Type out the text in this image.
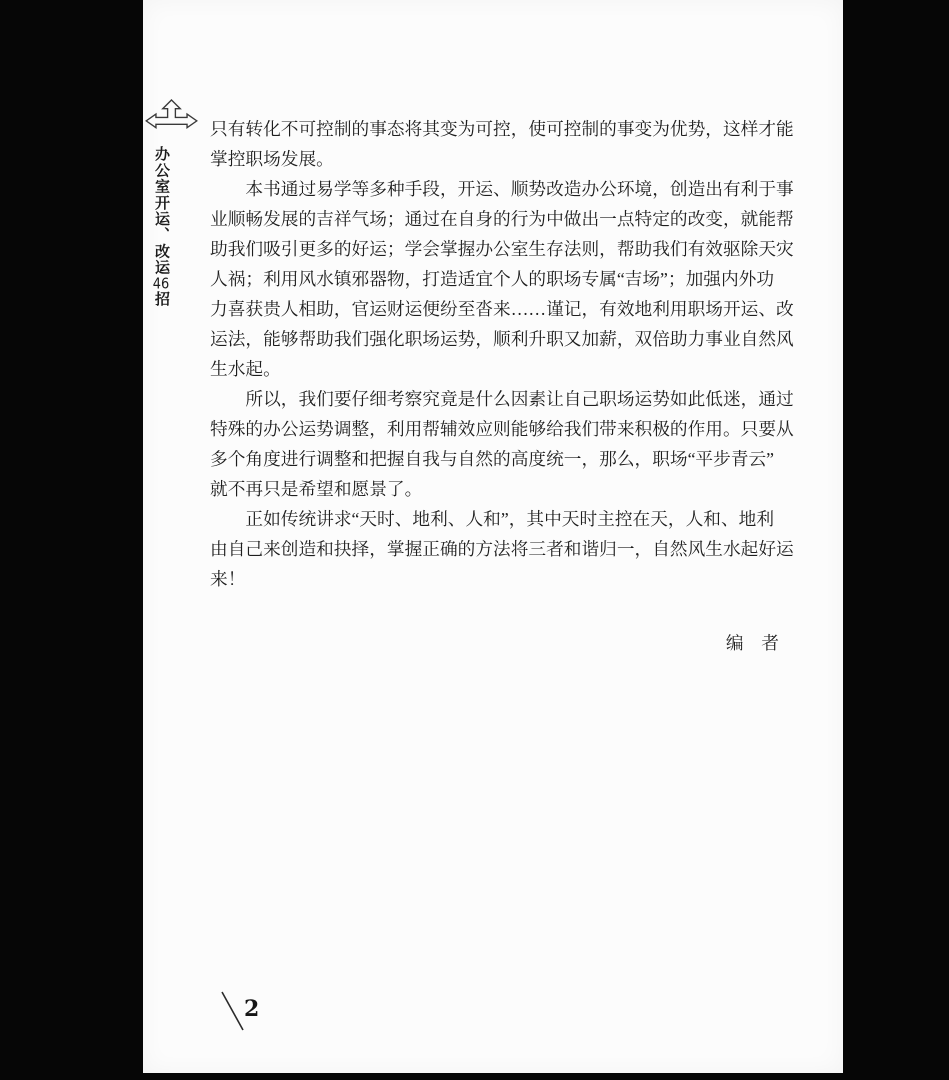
办公室开运、改运46招
只有转化不可控制的事态将其变为可控，使可控制的事变为优势，这样才能
掌控职场发展。
本书通过易学等多种手段，开运、顺势改造办公环境，创造出有利于事
业顺畅发展的吉祥气场；通过在自身的行为中做出一点特定的改变，就能帮
助我们吸引更多的好运；学会掌握办公室生存法则，帮助我们有效驱除天灾
人祸；利用风水镇邪器物，打造适宜个人的职场专属“吉场”；加强内外功
力喜获贵人相助，官运财运便纷至沓来……谨记，有效地利用职场开运、改
运法，能够帮助我们强化职场运势，顺利升职又加薪，双倍助力事业自然风
生水起。
所以，我们要仔细考察究竟是什么因素让自己职场运势如此低迷，通过
特殊的办公运势调整，利用帮辅效应则能够给我们带来积极的作用。只要从
多个角度进行调整和把握自我与自然的高度统一，那么，职场“平步青云”
就不再只是希望和愿景了。
正如传统讲求“天时、地利、人和”，其中天时主控在天，人和、地利
由自己来创造和抉择，掌握正确的方法将三者和谐归一，自然风生水起好运
来！
编　者
2
